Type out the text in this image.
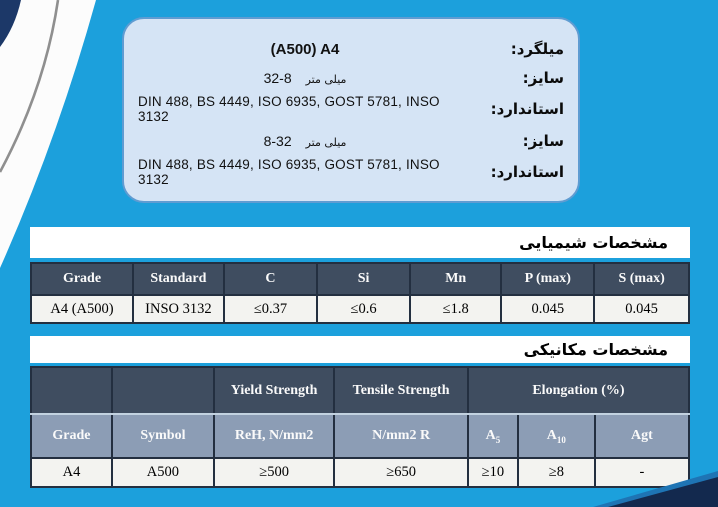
میلگرد:
(A500) A4
سایز:
32-8 میلی متر
استاندارد:
DIN 488, BS 4449, ISO 6935, GOST 5781, INSO 3132
سایز:
8-32 میلی متر
استاندارد:
DIN 488, BS 4449, ISO 6935, GOST 5781, INSO 3132
مشخصات شیمیایی
Grade	Standard	C	Si	Mn	P (max)	S (max)
A4 (A500)	INSO 3132	≤0.37	≤0.6	≤1.8	0.045	0.045
مشخصات مکانیکی
		Yield Strength	Tensile Strength	Elongation (%)		
Grade	Symbol	ReH, N/mm2	N/mm2 R	$A_5$	$A_{10}$	Agt
A4	A500	≥500	≥650	≥10	≥8	-
